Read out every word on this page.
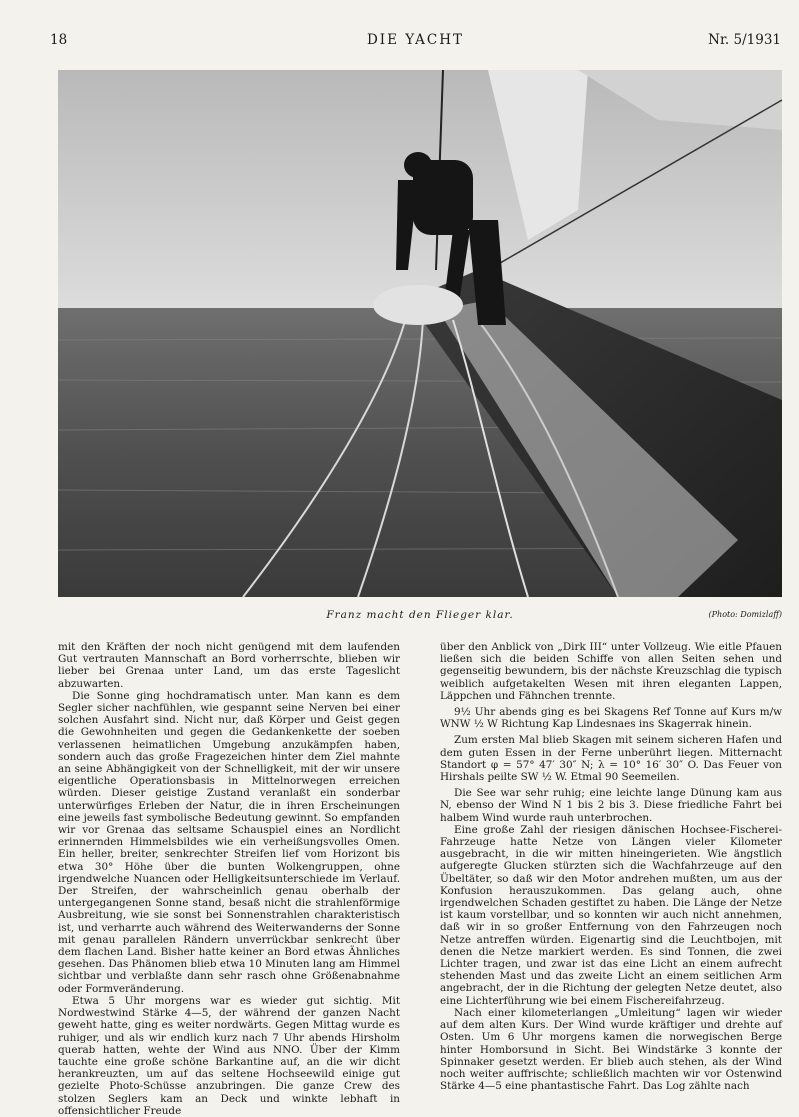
18	DIE YACHT	Nr. 5/1931
Franz macht den Flieger klar.	(Photo: Domizlaff)

mit den Kräften der noch nicht genügend mit dem laufenden Gut vertrauten Mannschaft an Bord vorherrschte, blieben wir lieber bei Grenaa unter Land, um das erste Tageslicht abzuwarten.

Die Sonne ging hochdramatisch unter. Man kann es dem Segler sicher nachfühlen, wie gespannt seine Nerven bei einer solchen Ausfahrt sind. Nicht nur, daß Körper und Geist gegen die Gewohnheiten und gegen die Gedankenkette der soeben verlassenen heimatlichen Umgebung anzukämpfen haben, sondern auch das große Fragezeichen hinter dem Ziel mahnte an seine Abhängigkeit von der Schnelligkeit, mit der wir unsere eigentliche Operationsbasis in Mittelnorwegen erreichen würden. Dieser geistige Zustand veranlaßt ein sonderbar unterwürfiges Erleben der Natur, die in ihren Erscheinungen eine jeweils fast symbolische Bedeutung gewinnt. So empfanden wir vor Grenaa das seltsame Schauspiel eines an Nordlicht erinnernden Himmelsbildes wie ein verheißungsvolles Omen. Ein heller, breiter, senkrechter Streifen lief vom Horizont bis etwa 30° Höhe über die bunten Wolkengruppen, ohne irgendwelche Nuancen oder Helligkeitsunterschiede im Verlauf. Der Streifen, der wahrscheinlich genau oberhalb der untergegangenen Sonne stand, besaß nicht die strahlenförmige Ausbreitung, wie sie sonst bei Sonnenstrahlen charakteristisch ist, und verharrte auch während des Weiterwanderns der Sonne mit genau parallelen Rändern unverrückbar senkrecht über dem flachen Land. Bisher hatte keiner an Bord etwas Ähnliches gesehen. Das Phänomen blieb etwa 10 Minuten lang am Himmel sichtbar und verblaßte dann sehr rasch ohne Größenabnahme oder Formveränderung.

Etwa 5 Uhr morgens war es wieder gut sichtig. Mit Nordwestwind Stärke 4—5, der während der ganzen Nacht geweht hatte, ging es weiter nordwärts. Gegen Mittag wurde es ruhiger, und als wir endlich kurz nach 7 Uhr abends Hirsholm querab hatten, wehte der Wind aus NNO. Über der Kimm tauchte eine große schöne Barkantine auf, an die wir dicht herankreuzten, um auf das seltene Hochseewild einige gut gezielte Photo-Schüsse anzubringen. Die ganze Crew des stolzen Seglers kam an Deck und winkte lebhaft in offensichtlicher Freude

über den Anblick von „Dirk III“ unter Vollzeug. Wie eitle Pfauen ließen sich die beiden Schiffe von allen Seiten sehen und gegenseitig bewundern, bis der nächste Kreuzschlag die typisch weiblich aufgetakelten Wesen mit ihren eleganten Lappen, Läppchen und Fähnchen trennte.

9½ Uhr abends ging es bei Skagens Ref Tonne auf Kurs m/w WNW ½ W Richtung Kap Lindesnaes ins Skagerrak hinein.

Zum ersten Mal blieb Skagen mit seinem sicheren Hafen und dem guten Essen in der Ferne unberührt liegen. Mitternacht Standort φ = 57° 47′ 30″ N; λ = 10° 16′ 30″ O. Das Feuer von Hirshals peilte SW ½ W. Etmal 90 Seemeilen.

Die See war sehr ruhig; eine leichte lange Dünung kam aus N, ebenso der Wind N 1 bis 2 bis 3. Diese friedliche Fahrt bei halbem Wind wurde rauh unterbrochen.

Eine große Zahl der riesigen dänischen Hochsee-Fischerei-Fahrzeuge hatte Netze von Längen vieler Kilometer ausgebracht, in die wir mitten hineingerieten. Wie ängstlich aufgeregte Glucken stürzten sich die Wachfahrzeuge auf den Übeltäter, so daß wir den Motor andrehen mußten, um aus der Konfusion herauszukommen. Das gelang auch, ohne irgendwelchen Schaden gestiftet zu haben. Die Länge der Netze ist kaum vorstellbar, und so konnten wir auch nicht annehmen, daß wir in so großer Entfernung von den Fahrzeugen noch Netze antreffen würden. Eigenartig sind die Leuchtbojen, mit denen die Netze markiert werden. Es sind Tonnen, die zwei Lichter tragen, und zwar ist das eine Licht an einem aufrecht stehenden Mast und das zweite Licht an einem seitlichen Arm angebracht, der in die Richtung der gelegten Netze deutet, also eine Lichterführung wie bei einem Fischereifahrzeug.

Nach einer kilometerlangen „Umleitung“ lagen wir wieder auf dem alten Kurs. Der Wind wurde kräftiger und drehte auf Osten. Um 6 Uhr morgens kamen die norwegischen Berge hinter Homborsund in Sicht. Bei Windstärke 3 konnte der Spinnaker gesetzt werden. Er blieb auch stehen, als der Wind noch weiter auffrischte; schließlich machten wir vor Ostenwind Stärke 4—5 eine phantastische Fahrt. Das Log zählte nach
